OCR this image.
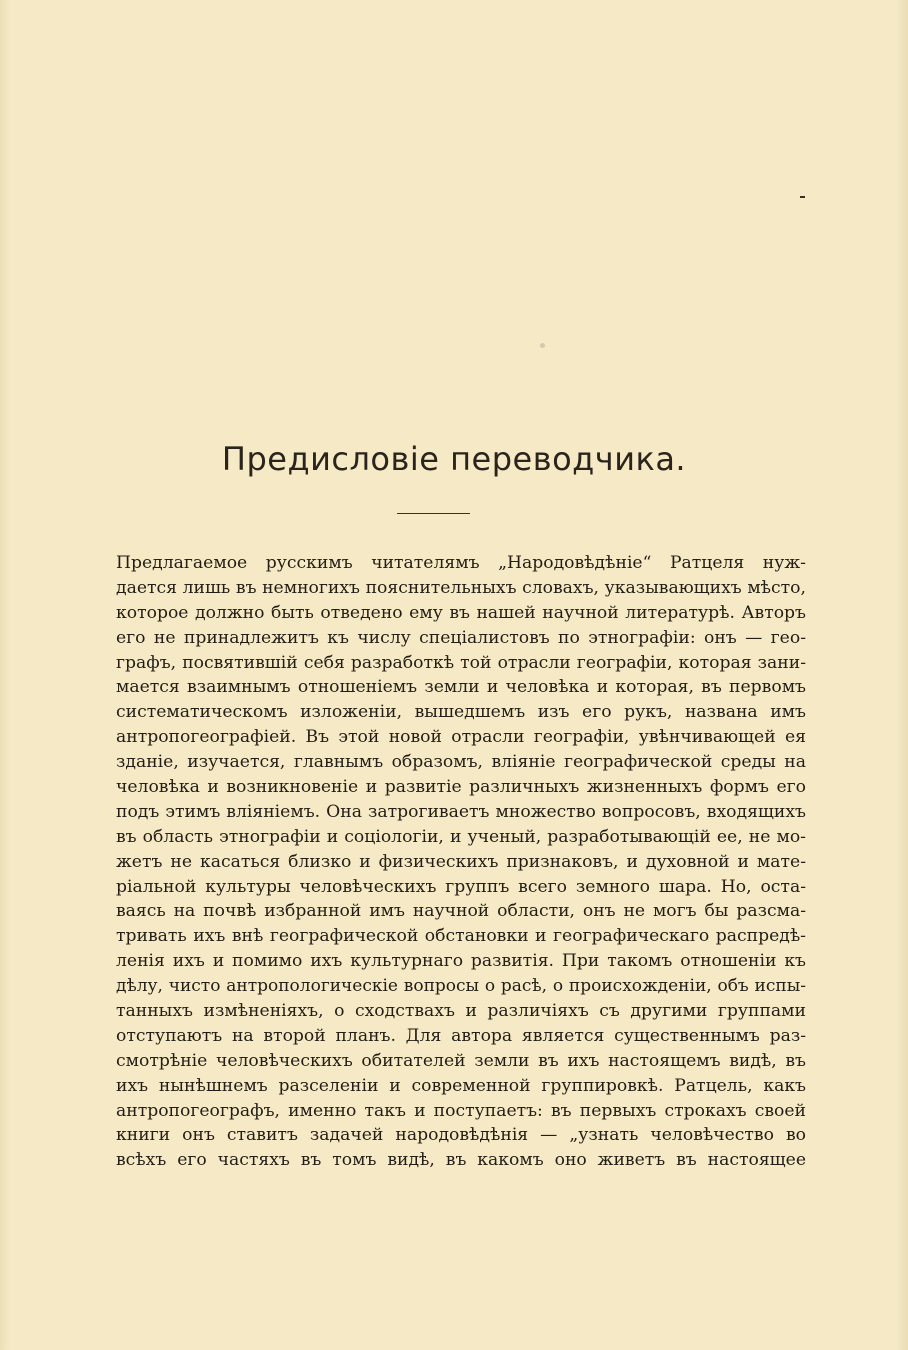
Предисловіе переводчика.
Предлагаемое русскимъ читателямъ „Народовѣдѣніе“ Ратцеля нуж-
дается лишь въ немногихъ пояснительныхъ словахъ, указывающихъ мѣсто,
которое должно быть отведено ему въ нашей научной литературѣ. Авторъ
его не принадлежитъ къ числу спеціалистовъ по этнографіи: онъ — гео-
графъ, посвятившій себя разработкѣ той отрасли географіи, которая зани-
мается взаимнымъ отношеніемъ земли и человѣка и которая, въ первомъ
систематическомъ изложеніи, вышедшемъ изъ его рукъ, названа имъ
антропогеографіей. Въ этой новой отрасли географіи, увѣнчивающей ея
зданіе, изучается, главнымъ образомъ, вліяніе географической среды на
человѣка и возникновеніе и развитіе различныхъ жизненныхъ формъ его
подъ этимъ вліяніемъ. Она затрогиваетъ множество вопросовъ, входящихъ
въ область этнографіи и соціологіи, и ученый, разработывающій ее, не мо-
жетъ не касаться близко и физическихъ признаковъ, и духовной и мате-
ріальной культуры человѣческихъ группъ всего земного шара. Но, оста-
ваясь на почвѣ избранной имъ научной области, онъ не могъ бы разсма-
тривать ихъ внѣ географической обстановки и географическаго распредѣ-
ленія ихъ и помимо ихъ культурнаго развитія. При такомъ отношеніи къ
дѣлу, чисто антропологическіе вопросы о расѣ, о происхожденіи, объ испы-
танныхъ измѣненіяхъ, о сходствахъ и различіяхъ съ другими группами
отступаютъ на второй планъ. Для автора является существеннымъ раз-
смотрѣніе человѣческихъ обитателей земли въ ихъ настоящемъ видѣ, въ
ихъ нынѣшнемъ разселеніи и современной группировкѣ. Ратцель, какъ
антропогеографъ, именно такъ и поступаетъ: въ первыхъ строкахъ своей
книги онъ ставитъ задачей народовѣдѣнія — „узнать человѣчество во
всѣхъ его частяхъ въ томъ видѣ, въ какомъ оно живетъ въ настоящее
